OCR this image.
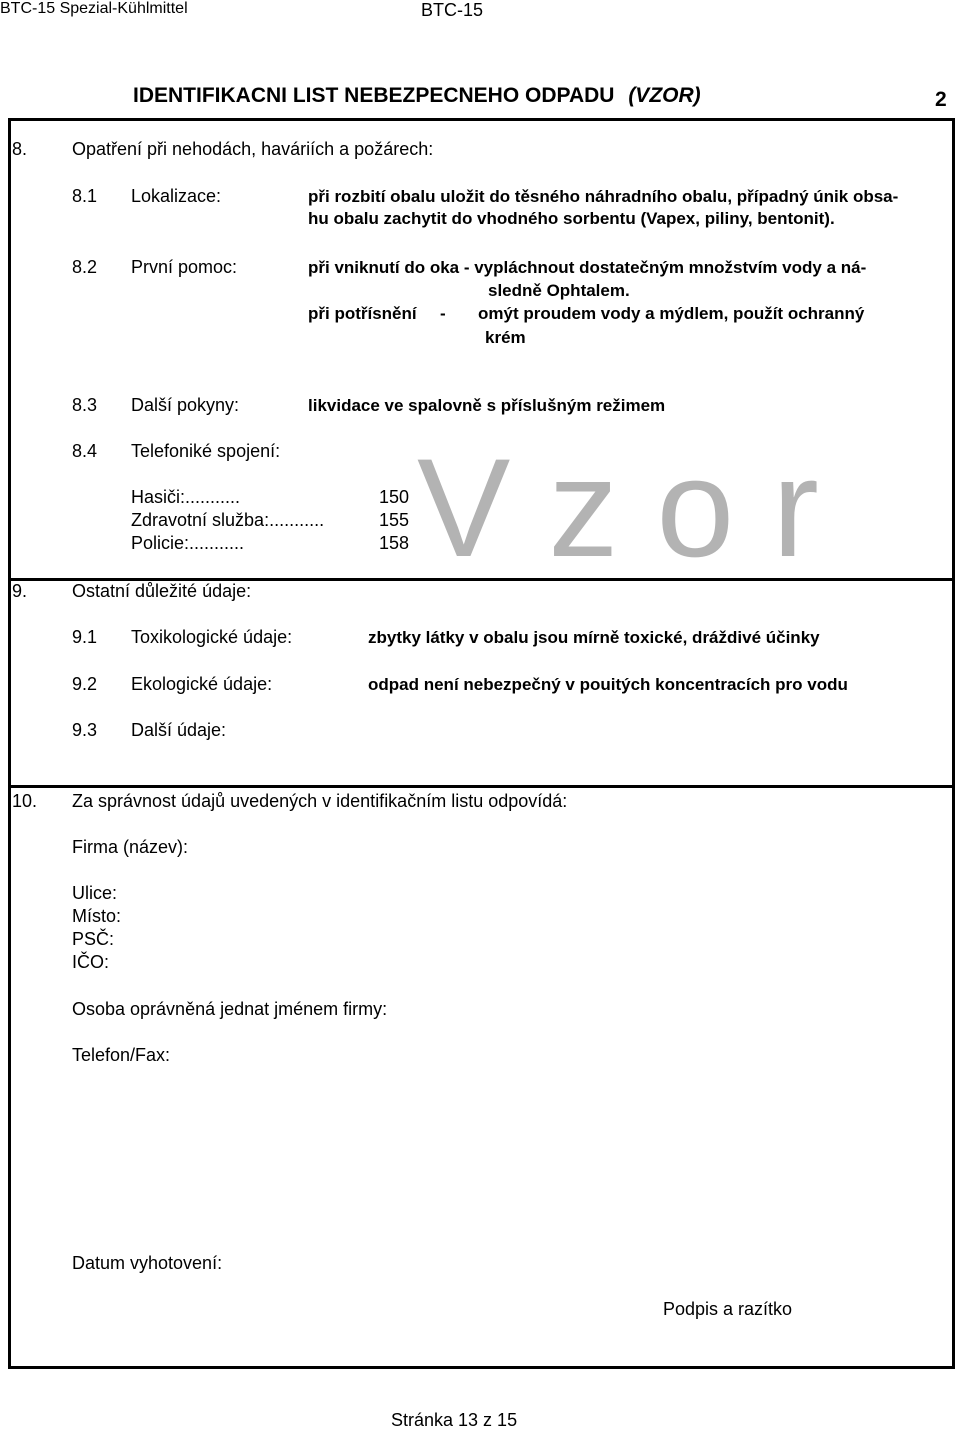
BTC-15 Spezial-Kühlmittel	BTC-15
IDENTIFIKACNI LIST NEBEZPECNEHO ODPADU (VZOR)	2
Vzor
8. Opatření při nehodách, haváriích a požárech:
8.1 Lokalizace:	při rozbití obalu uložit do těsného náhradního obalu, případný únik obsa-
hu obalu zachytit do vhodného sorbentu (Vapex, piliny, bentonit).
8.2 První pomoc:	při vniknutí do oka - vypláchnout dostatečným množstvím vody a ná-
sledně Ophtalem.
při potřísnění - omýt proudem vody a mýdlem, použít ochranný
krém
8.3 Další pokyny:	likvidace ve spalovně s příslušným režimem
8.4 Telefoniké spojení:
Hasiči:...........	150
Zdravotní služba:...........	155
Policie:...........	158
9. Ostatní důležité údaje:
9.1 Toxikologické údaje:	zbytky látky v obalu jsou mírně toxické, dráždivé účinky
9.2 Ekologické údaje:	odpad není nebezpečný v pouitých koncentracích pro vodu
9.3 Další údaje:
10. Za správnost údajů uvedených v identifikačním listu odpovídá:
Firma (název):
Ulice:
Místo:
PSČ:
IČO:
Osoba oprávněná jednat jménem firmy:
Telefon/Fax:
Datum vyhotovení:
Podpis a razítko
Stránka 13 z 15
